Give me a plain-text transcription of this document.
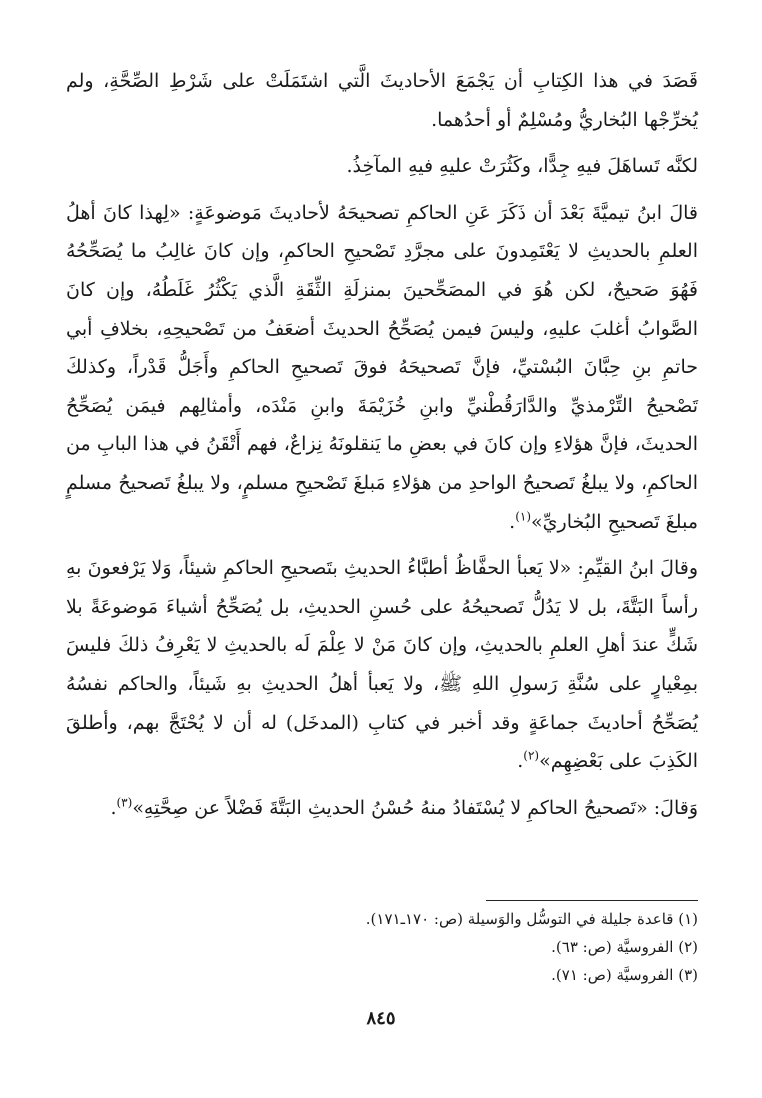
قَصَدَ في هذا الكِتابِ أن يَجْمَعَ الأحاديثَ الَّتي اشتَمَلَتْ على شَرْطِ الصِّحَّةِ، ولم يُخرِّجْها البُخاريُّ ومُسْلِمٌ أو أحدُهما.

لكنَّه تَساهَلَ فيهِ جِدًّا، وكَثُرَتْ عليهِ فيهِ المآخِذُ.

قالَ ابنُ تيميَّةَ بَعْدَ أن ذَكَرَ عَنِ الحاكمِ تصحيحَهُ لأحاديثَ مَوضوعَةٍ: «لِهذا كانَ أهلُ العلمِ بالحديثِ لا يَعْتَمِدونَ على مجرَّدِ تَصْحيحِ الحاكمِ، وإن كانَ غالِبُ ما يُصَحِّحُهُ فَهُوَ صَحيحٌ، لكن هُوَ في المصَحِّحينَ بمنزلَةِ الثِّقَةِ الَّذي يَكْثُرُ غَلَطُهُ، وإن كانَ الصَّوابُ أغلبَ عليهِ، وليسَ فيمن يُصَحِّحُ الحديثَ أضعَفُ من تَصْحيحِهِ، بخلافِ أبي حاتمِ بنِ حِبَّانَ البُسْتيِّ، فإنَّ تَصحيحَهُ فوقَ تَصحيحِ الحاكمِ وأَجَلُّ قَدْراً، وكذلكَ تَصْحيحُ التِّرْمذيِّ والدَّارَقُطْنيِّ وابنِ خُزَيْمَةَ وابنِ مَنْدَه، وأمثالِهم فيمَن يُصَحِّحُ الحديثَ، فإنَّ هؤلاءِ وإن كانَ في بعضِ ما يَنقلونَهُ نِزاعٌ، فهم أَتْقَنُ في هذا البابِ من الحاكمِ، ولا يبلغُ تَصحيحُ الواحدِ من هؤلاءِ مَبلغَ تَصْحيحِ مسلمٍ، ولا يبلغُ تَصحيحُ مسلمٍ مبلغَ تَصحيحِ البُخاريِّ»$^{(١)}$.

وقالَ ابنُ القيِّمِ: «لا يَعبأ الحفَّاظُ أطبَّاءُ الحديثِ بتَصحيحِ الحاكمِ شيئاً، وَلا يَرْفعونَ بهِ رأساً البَتَّةَ، بل لا يَدُلُّ تَصحيحُهُ على حُسنِ الحديثِ، بل يُصَحِّحُ أشياءَ مَوضوعَةً بلا شَكٍّ عندَ أهلِ العلمِ بالحديثِ، وإن كانَ مَنْ لا عِلْمَ لَه بالحديثِ لا يَعْرِفُ ذلكَ فليسَ بمِعْيارٍ على سُنَّةِ رَسولِ اللهِ ﷺ، ولا يَعبأ أهلُ الحديثِ بهِ شَيئاً، والحاكم نفسُهُ يُصَحِّحُ أحاديثَ جماعَةٍ وقد أخبر في كتابِ (المدخَل) له أن لا يُحْتَجَّ بهم، وأطلقَ الكَذِبَ على بَعْضِهِم»$^{(٢)}$.

وَقالَ: «تَصحيحُ الحاكمِ لا يُسْتَفادُ منهُ حُسْنُ الحديثِ البَتَّةَ فَضْلاً عن صِحَّتِهِ»$^{(٣)}$.

(١) قاعدة جليلة في التوسُّل والوَسيلة (ص: ١٧٠ـ١٧١).

(٢) الفروسيَّة (ص: ٦٣).

(٣) الفروسيَّة (ص: ٧١).

٨٤٥
